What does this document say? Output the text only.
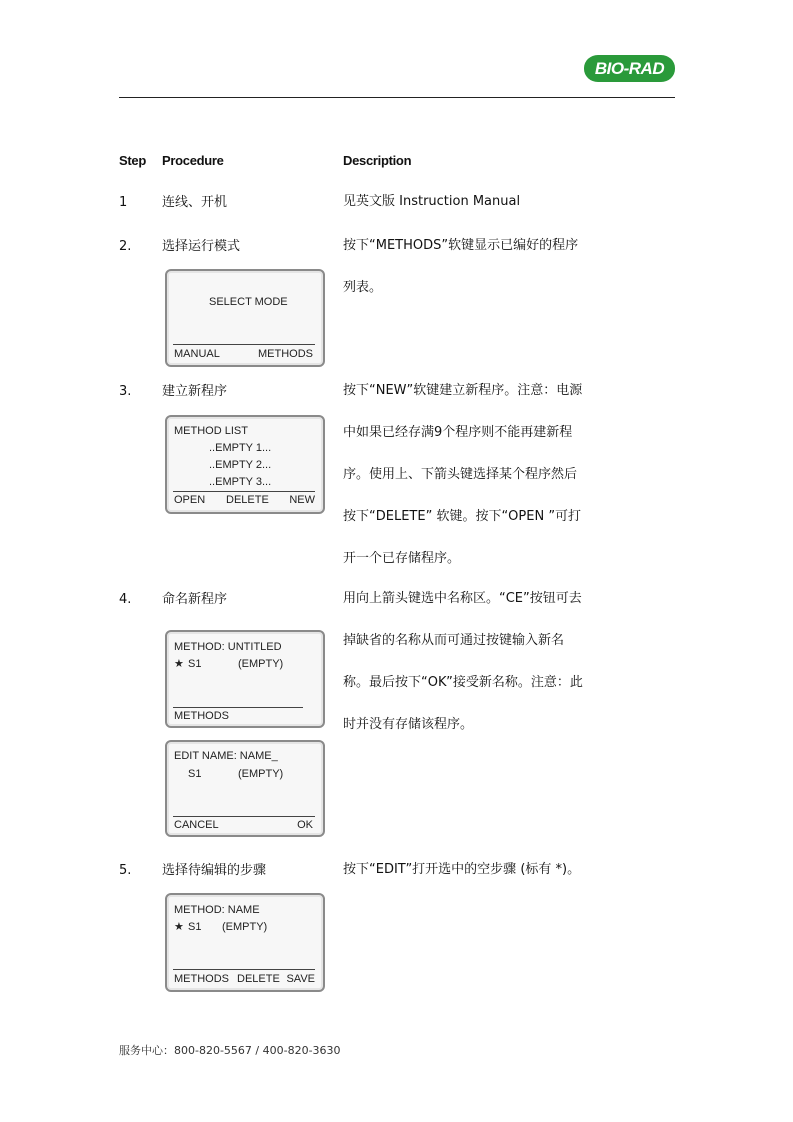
BIO-RAD
Step Procedure	Description
1	连线、开机	见英文版 Instruction Manual
2. 选择运行模式	按下“METHODS”软键显示已编好的程序
列表。
SELECT MODE
MANUAL	METHODS
3. 建立新程序	按下“NEW”软键建立新程序。注意：电源
中如果已经存满9个程序则不能再建新程
序。使用上、下箭头键选择某个程序然后
按下“DELETE” 软键。按下“OPEN ”可打
开一个已存储程序。
METHOD LIST
..EMPTY 1...
..EMPTY 2...
..EMPTY 3...
OPEN DELETE NEW
4. 命名新程序	用向上箭头键选中名称区。“CE”按钮可去
掉缺省的名称从而可通过按键输入新名
称。最后按下“OK”接受新名称。注意：此
时并没有存储该程序。
METHOD: UNTITLED
★ S1	(EMPTY)
METHODS
EDIT NAME: NAME_
S1	(EMPTY)
CANCEL	OK
5. 选择待编辑的步骤	按下“EDIT”打开选中的空步骤 (标有 *)。
METHOD: NAME
★ S1 (EMPTY)
METHODS DELETE SAVE
服务中心：800-820-5567 / 400-820-3630
